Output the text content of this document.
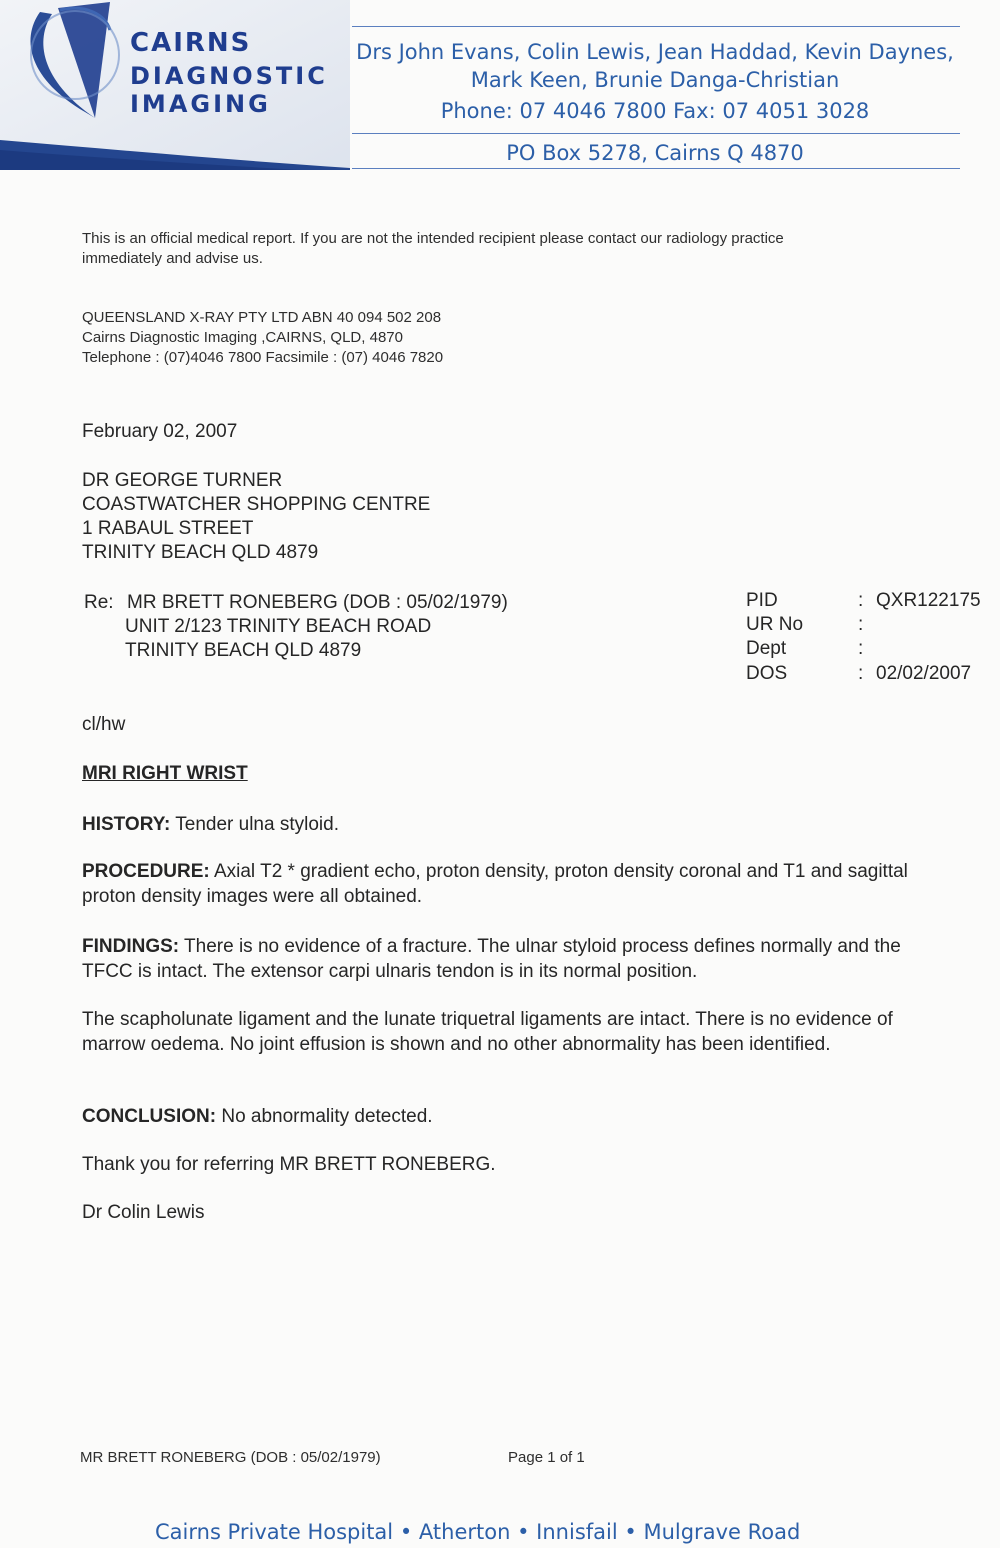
CAIRNS
DIAGNOSTIC
IMAGING
Drs John Evans, Colin Lewis, Jean Haddad, Kevin Daynes,
Mark Keen, Brunie Danga-Christian
Phone: 07 4046 7800 Fax: 07 4051 3028
PO Box 5278, Cairns Q 4870
This is an official medical report. If you are not the intended recipient please contact our radiology practice
immediately and advise us.
QUEENSLAND X-RAY PTY LTD ABN 40 094 502 208
Cairns Diagnostic Imaging ,CAIRNS, QLD, 4870
Telephone : (07)4046 7800 Facsimile : (07) 4046 7820
February 02, 2007
DR GEORGE TURNER
COASTWATCHER SHOPPING CENTRE
1 RABAUL STREET
TRINITY BEACH QLD 4879
Re: MR BRETT RONEBERG (DOB : 05/02/1979)
UNIT 2/123 TRINITY BEACH ROAD
TRINITY BEACH QLD 4879
PID	: QXR122175
UR No	:
Dept	:
DOS	: 02/02/2007
cl/hw
MRI RIGHT WRIST
HISTORY: Tender ulna styloid.
PROCEDURE: Axial T2 * gradient echo, proton density, proton density coronal and T1 and sagittal proton density images were all obtained.
FINDINGS: There is no evidence of a fracture. The ulnar styloid process defines normally and the TFCC is intact. The extensor carpi ulnaris tendon is in its normal position.
The scapholunate ligament and the lunate triquetral ligaments are intact. There is no evidence of marrow oedema. No joint effusion is shown and no other abnormality has been identified.
CONCLUSION: No abnormality detected.
Thank you for referring MR BRETT RONEBERG.
Dr Colin Lewis
MR BRETT RONEBERG (DOB : 05/02/1979)	Page 1 of 1
Cairns Private Hospital • Atherton • Innisfail • Mulgrave Road
